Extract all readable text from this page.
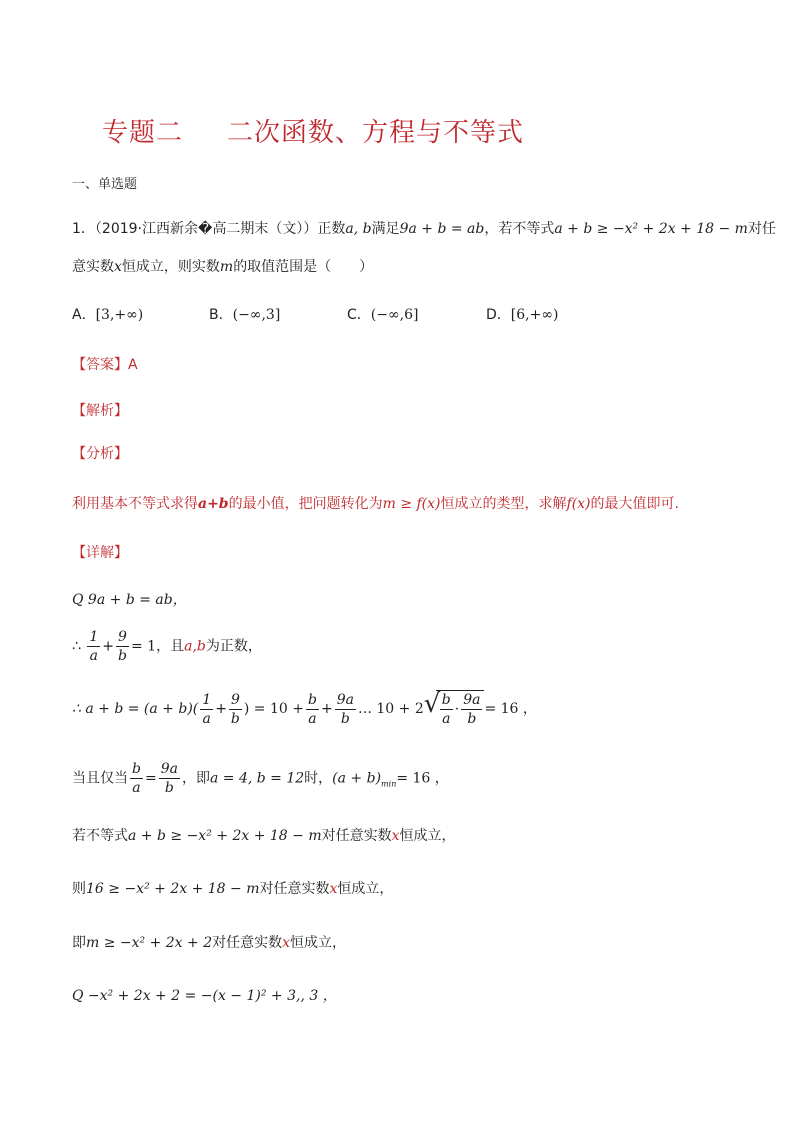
专题二 二次函数、方程与不等式
一、单选题
1．（2019·江西新余�高二期末（文））正数a, b满足9a + b = ab，若不等式a + b ≥ −x² + 2x + 18 − m对任
意实数x恒成立，则实数m的取值范围是（　　）
A．[3,+∞)	B．(−∞,3]	C．(−∞,6]	D．[6,+∞)
【答案】A
【解析】
【分析】
利用基本不等式求得a+b的最小值，把问题转化为m ≥ f(x)恒成立的类型，求解f(x)的最大值即可.
【详解】
Q 9a + b = ab，
∴ $\frac{1}{a} + \frac{9}{b} = 1$，且a,b为正数，
∴ $a + b = (a + b)( \frac{1}{a} + \frac{9}{b}$ ) = $10 + \frac{b}{a} + \frac{9a}{b}$ … 10 + 2
√ $\frac{b}{a} \cdot \frac{9a}{b} = 16$ ，
当且仅当 $\frac{b}{a} = \frac{9a}{b}$ ，即a = 4, b = 12时，$(a + b)_{min}= 16$ ，
若不等式a + b ≥ −x² + 2x + 18 − m对任意实数x恒成立，
则16 ≥ −x² + 2x + 18 − m对任意实数x恒成立，
即m ≥ −x² + 2x + 2对任意实数x恒成立，
Q −x² + 2x + 2 = −(x − 1)² + 3,, 3 ，
